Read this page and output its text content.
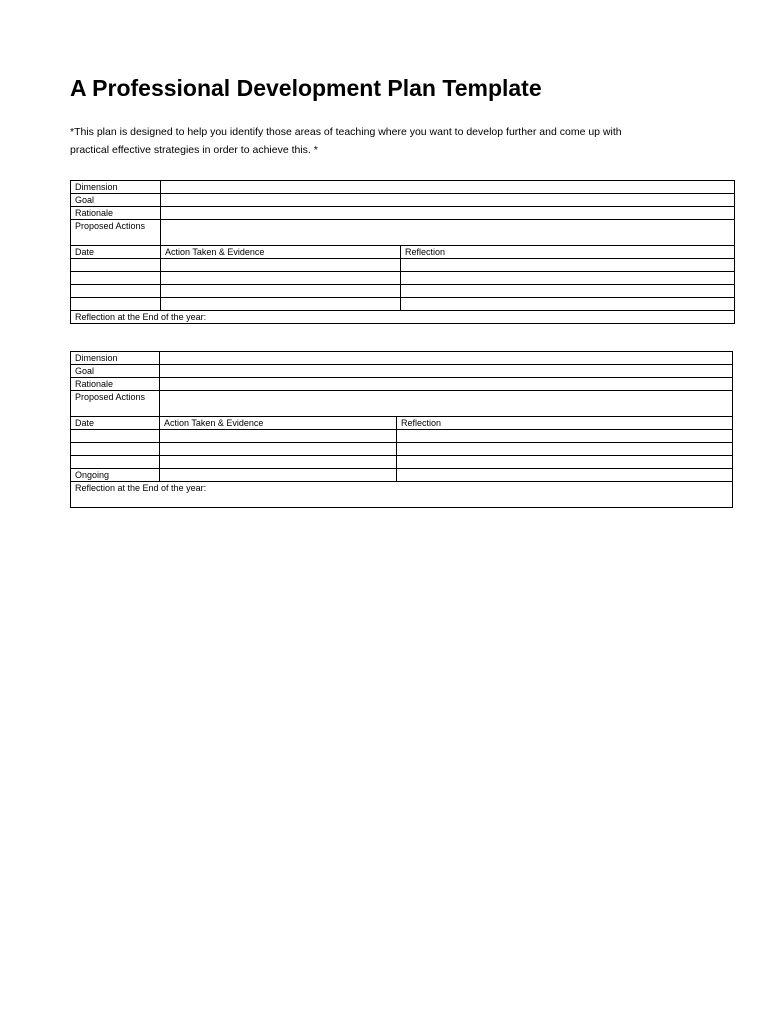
A Professional Development Plan Template

*This plan is designed to help you identify those areas of teaching where you want to develop further and come up with
practical effective strategies in order to achieve this. *

Dimension		
Goal		
Rationale		
Proposed Actions		
Date	Action Taken & Evidence	Reflection

Reflection at the End of the year:		
Dimension		
Goal		
Rationale		
Proposed Actions		
Date	Action Taken & Evidence	Reflection

Ongoing		
Reflection at the End of the year:		
